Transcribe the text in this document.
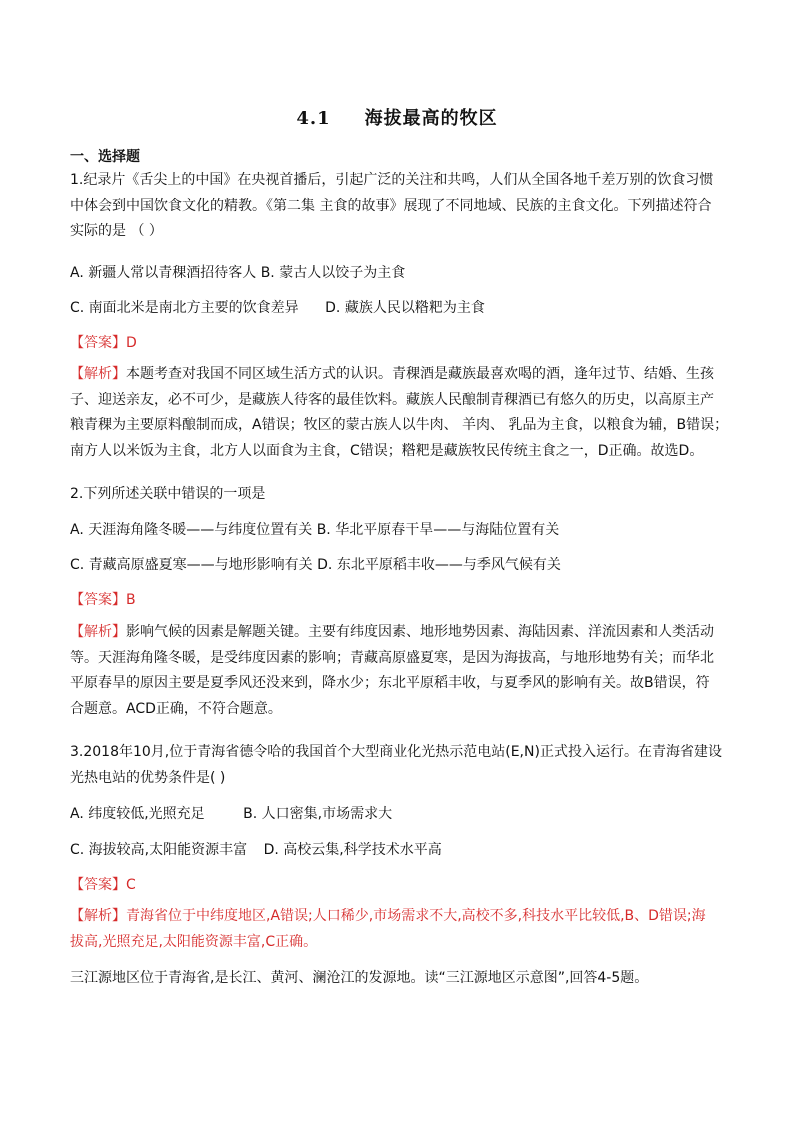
4.1 海拔最高的牧区
一、选择题
1.纪录片《舌尖上的中国》在央视首播后，引起广泛的关注和共鸣，人们从全国各地千差万别的饮食习惯
中体会到中国饮食文化的精教。《第二集 主食的故事》展现了不同地域、民族的主食文化。下列描述符合
实际的是 （ ）
A. 新疆人常以青稞酒招待客人 B. 蒙古人以饺子为主食
C. 南面北米是南北方主要的饮食差异 D. 藏族人民以糌粑为主食
【答案】D
【解析】本题考查对我国不同区域生活方式的认识。青稞酒是藏族最喜欢喝的酒，逢年过节、结婚、生孩
子、迎送亲友，必不可少，是藏族人待客的最佳饮料。藏族人民酿制青稞酒已有悠久的历史，以高原主产
粮青稞为主要原料酿制而成，A错误；牧区的蒙古族人以牛肉、 羊肉、 乳品为主食，以粮食为辅，B错误；
南方人以米饭为主食，北方人以面食为主食，C错误；糌粑是藏族牧民传统主食之一，D正确。故选D。
2.下列所述关联中错误的一项是
A. 天涯海角隆冬暖——与纬度位置有关 B. 华北平原春干旱——与海陆位置有关
C. 青藏高原盛夏寒——与地形影响有关 D. 东北平原稻丰收——与季风气候有关
【答案】B
【解析】影响气候的因素是解题关键。主要有纬度因素、地形地势因素、海陆因素、洋流因素和人类活动
等。天涯海角隆冬暖，是受纬度因素的影响；青藏高原盛夏寒，是因为海拔高，与地形地势有关；而华北
平原春旱的原因主要是夏季风还没来到，降水少；东北平原稻丰收，与夏季风的影响有关。故B错误，符
合题意。ACD正确，不符合题意。
3.2018年10月,位于青海省德令哈的我国首个大型商业化光热示范电站(E,N)正式投入运行。在青海省建设
光热电站的优势条件是( )
A. 纬度较低,光照充足	B. 人口密集,市场需求大
C. 海拔较高,太阳能资源丰富 D. 高校云集,科学技术水平高
【答案】C
【解析】青海省位于中纬度地区,A错误;人口稀少,市场需求不大,高校不多,科技水平比较低,B、D错误;海
拔高,光照充足,太阳能资源丰富,C正确。
三江源地区位于青海省,是长江、黄河、澜沧江的发源地。读“三江源地区示意图”,回答4-5题。
